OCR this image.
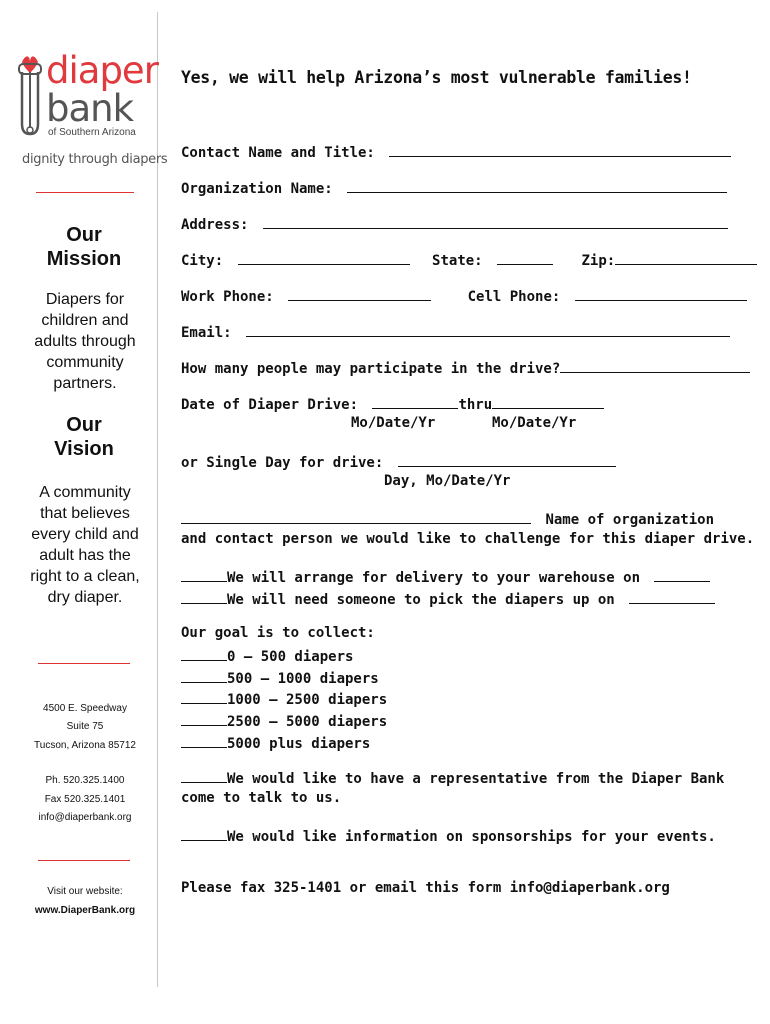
diaper
bank
of Southern Arizona
dignity through diapers
Our
Mission
Diapers for
children and
adults through
community
partners.
Our
Vision
A community
that believes
every child and
adult has the
right to a clean,
dry diaper.
4500 E. Speedway
Suite 75
Tucson, Arizona 85712
Ph. 520.325.1400
Fax 520.325.1401
info@diaperbank.org
Visit our website:
www.DiaperBank.org
Yes, we will help Arizona’s most vulnerable families!
Contact Name and Title:
Organization Name:
Address:
City:	State:	Zip:
Work Phone:	Cell Phone:
Email:
How many people may participate in the drive?
Date of Diaper Drive:	thru
Mo/Date/Yr	Mo/Date/Yr
or Single Day for drive:
Day, Mo/Date/Yr
Name of organization
and contact person we would like to challenge for this diaper drive.
We will arrange for delivery to your warehouse on
We will need someone to pick the diapers up on
Our goal is to collect:
0 – 500 diapers
500 – 1000 diapers
1000 – 2500 diapers
2500 – 5000 diapers
5000 plus diapers
We would like to have a representative from the Diaper Bank
come to talk to us.
We would like information on sponsorships for your events.
Please fax 325-1401 or email this form info@diaperbank.org
